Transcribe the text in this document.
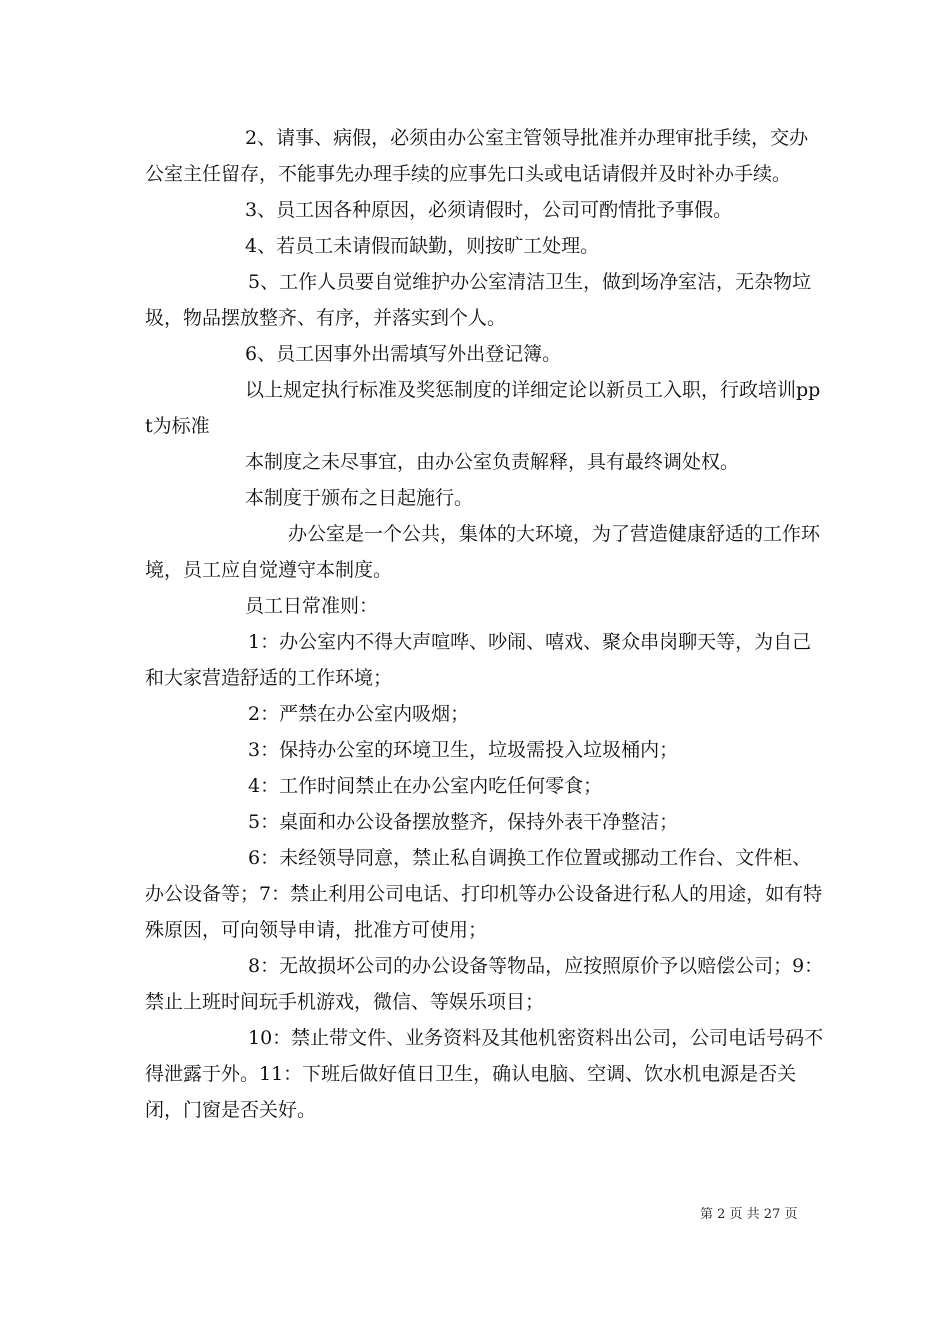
2、请事、病假，必须由办公室主管领导批准并办理审批手续，交办公室主任留存，不能事先办理手续的应事先口头或电话请假并及时补办手续。

3、员工因各种原因，必须请假时，公司可酌情批予事假。

4、若员工未请假而缺勤，则按旷工处理。

5、工作人员要自觉维护办公室清洁卫生，做到场净室洁，无杂物垃圾，物品摆放整齐、有序，并落实到个人。

6、员工因事外出需填写外出登记簿。

以上规定执行标准及奖惩制度的详细定论以新员工入职，行政培训ppt为标准

本制度之未尽事宜，由办公室负责解释，具有最终调处权。

本制度于颁布之日起施行。

办公室是一个公共，集体的大环境，为了营造健康舒适的工作环境，员工应自觉遵守本制度。

员工日常准则：

1：办公室内不得大声喧哗、吵闹、嘻戏、聚众串岗聊天等，为自己和大家营造舒适的工作环境；

2：严禁在办公室内吸烟；

3：保持办公室的环境卫生，垃圾需投入垃圾桶内；

4：工作时间禁止在办公室内吃任何零食；

5：桌面和办公设备摆放整齐，保持外表干净整洁；

6：未经领导同意，禁止私自调换工作位置或挪动工作台、文件柜、办公设备等；7：禁止利用公司电话、打印机等办公设备进行私人的用途，如有特殊原因，可向领导申请，批准方可使用；

8：无故损坏公司的办公设备等物品，应按照原价予以赔偿公司；9：禁止上班时间玩手机游戏，微信、等娱乐项目；

10：禁止带文件、业务资料及其他机密资料出公司，公司电话号码不得泄露于外。11：下班后做好值日卫生，确认电脑、空调、饮水机电源是否关闭，门窗是否关好。

第 2 页 共 27 页
